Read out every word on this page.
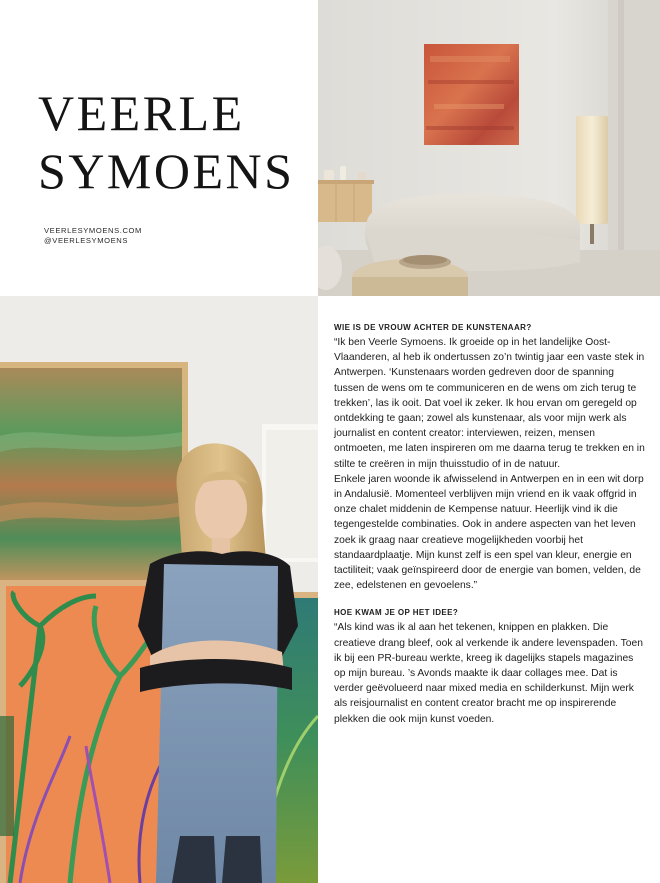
VEERLE
SYMOENS
VEERLESYMOENS.COM
@VEERLESYMOENS
WIE IS DE VROUW ACHTER DE KUNSTENAAR?

“Ik ben Veerle Symoens. Ik groeide op in het landelijke Oost-Vlaanderen, al heb ik ondertussen zo’n twintig jaar een vaste stek in Antwerpen. ‘Kunstenaars worden gedreven door de spanning tussen de wens om te communiceren en de wens om zich terug te trekken’, las ik ooit. Dat voel ik zeker. Ik hou ervan om geregeld op ontdekking te gaan; zowel als kunstenaar, als voor mijn werk als journalist en content creator: interviewen, reizen, mensen ontmoeten, me laten inspireren om me daarna terug te trekken en in stilte te creëren in mijn thuisstudio of in de natuur.

Enkele jaren woonde ik afwisselend in Antwerpen en in een wit dorp in Andalusië. Momenteel verblijven mijn vriend en ik vaak offgrid in onze chalet middenin de Kempense natuur. Heerlijk vind ik die tegengestelde combinaties. Ook in andere aspecten van het leven zoek ik graag naar creatieve mogelijkheden voorbij het standaardplaatje. Mijn kunst zelf is een spel van kleur, energie en tactiliteit; vaak geïnspireerd door de energie van bomen, velden, de zee, edelstenen en gevoelens.”

HOE KWAM JE OP HET IDEE?

“Als kind was ik al aan het tekenen, knippen en plakken. Die creatieve drang bleef, ook al verkende ik andere levenspaden. Toen ik bij een PR-bureau werkte, kreeg ik dagelijks stapels magazines op mijn bureau. ’s Avonds maakte ik daar collages mee. Dat is verder geëvolueerd naar mixed media en schilderkunst. Mijn werk als reisjournalist en content creator bracht me op inspirerende plekken die ook mijn kunst voeden.
